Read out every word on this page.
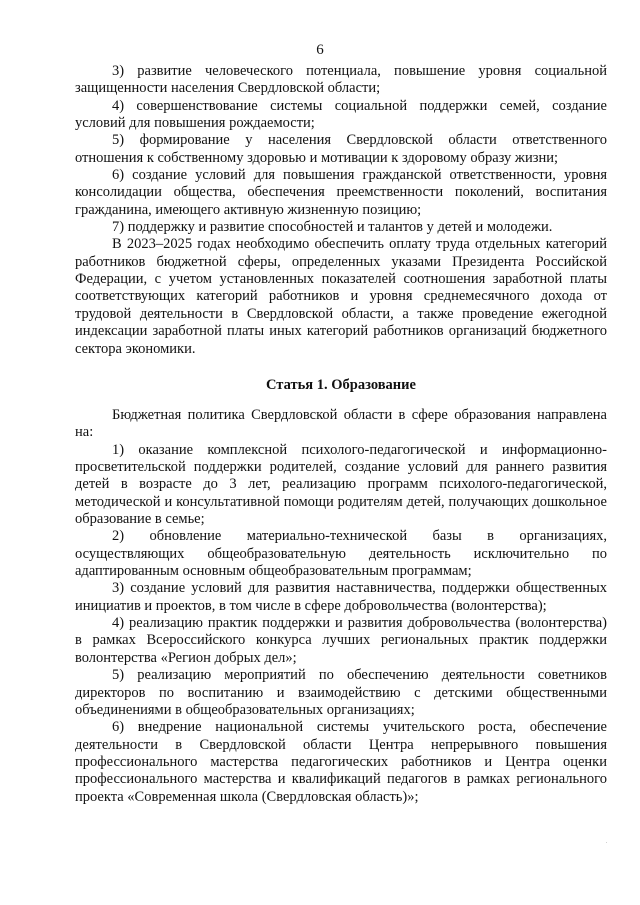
6

3) развитие человеческого потенциала, повышение уровня социальной защищенности населения Свердловской области;

4) совершенствование системы социальной поддержки семей, создание условий для повышения рождаемости;

5) формирование у населения Свердловской области ответственного отношения к собственному здоровью и мотивации к здоровому образу жизни;

6) создание условий для повышения гражданской ответственности, уровня консолидации общества, обеспечения преемственности поколений, воспитания гражданина, имеющего активную жизненную позицию;

7) поддержку и развитие способностей и талантов у детей и молодежи.

В 2023–2025 годах необходимо обеспечить оплату труда отдельных категорий работников бюджетной сферы, определенных указами Президента Российской Федерации, с учетом установленных показателей соотношения заработной платы соответствующих категорий работников и уровня среднемесячного дохода от трудовой деятельности в Свердловской области, а также проведение ежегодной индексации заработной платы иных категорий работников организаций бюджетного сектора экономики.

Статья 1. Образование

Бюджетная политика Свердловской области в сфере образования направлена на:

1) оказание комплексной психолого-педагогической и информационно-просветительской поддержки родителей, создание условий для раннего развития детей в возрасте до 3 лет, реализацию программ психолого-педагогической, методической и консультативной помощи родителям детей, получающих дошкольное образование в семье;

2) обновление материально-технической базы в организациях, осуществляющих общеобразовательную деятельность исключительно по адаптированным основным общеобразовательным программам;

3) создание условий для развития наставничества, поддержки общественных инициатив и проектов, в том числе в сфере добровольчества (волонтерства);

4) реализацию практик поддержки и развития добровольчества (волонтерства) в рамках Всероссийского конкурса лучших региональных практик поддержки волонтерства «Регион добрых дел»;

5) реализацию мероприятий по обеспечению деятельности советников директоров по воспитанию и взаимодействию с детскими общественными объединениями в общеобразовательных организациях;

6) внедрение национальной системы учительского роста, обеспечение деятельности в Свердловской области Центра непрерывного повышения профессионального мастерства педагогических работников и Центра оценки профессионального мастерства и квалификаций педагогов в рамках регионального проекта «Современная школа (Свердловская область)»;
